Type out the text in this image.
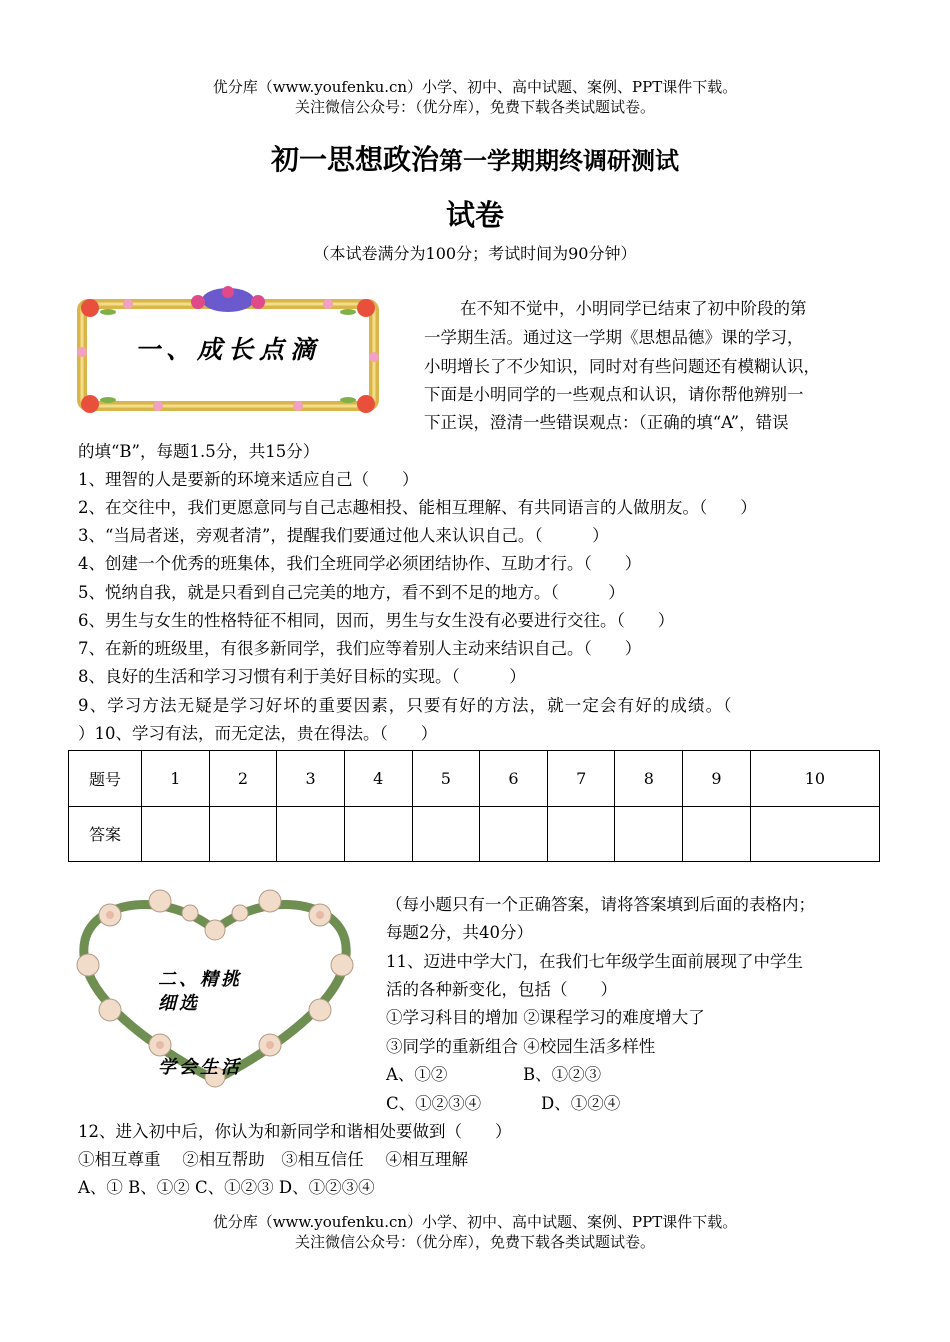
优分库（www.youfenku.cn）小学、初中、高中试题、案例、PPT课件下载。
关注微信公众号：（优分库），免费下载各类试题试卷。
初一思想政治第一学期期终调研测试
试卷
（本试卷满分为100分；考试时间为90分钟）
一、成长点滴
在不知不觉中，小明同学已结束了初中阶段的第
一学期生活。通过这一学期《思想品德》课的学习，
小明增长了不少知识，同时对有些问题还有模糊认识，
下面是小明同学的一些观点和认识，请你帮他辨别一
下正误，澄清一些错误观点：（正确的填“A”，错误
的填“B”，每题1.5分，共15分）
1、理智的人是要新的环境来适应自己（　　）
2、在交往中，我们更愿意同与自己志趣相投、能相互理解、有共同语言的人做朋友。（　　）
3、“当局者迷，旁观者清”，提醒我们要通过他人来认识自己。（　　　）
4、创建一个优秀的班集体，我们全班同学必须团结协作、互助才行。（　　）
5、悦纳自我，就是只看到自己完美的地方，看不到不足的地方。（　　　）
6、男生与女生的性格特征不相同，因而，男生与女生没有必要进行交往。（　　）
7、在新的班级里，有很多新同学，我们应等着别人主动来结识自己。（　　）
8、良好的生活和学习习惯有利于美好目标的实现。（　　　）
9、学习方法无疑是学习好坏的重要因素，只要有好的方法，就一定会有好的成绩。（
）10、学习有法，而无定法，贵在得法。（　　）
题号	1	2	3	4	5	6	7	8	9	10
答案										
二、精挑
细选
学会生活
（每小题只有一个正确答案，请将答案填到后面的表格内；
每题2分，共40分）
11、迈进中学大门，在我们七年级学生面前展现了中学生
活的各种新变化，包括（　　）
①学习科目的增加 ②课程学习的难度增大了
③同学的重新组合 ④校园生活多样性
A、①②	B、①②③
C、①②③④	D、①②④
12、进入初中后，你认为和新同学和谐相处要做到（　　）
①相互尊重　 ②相互帮助　③相互信任　 ④相互理解
A、① B、①② C、①②③ D、①②③④
优分库（www.youfenku.cn）小学、初中、高中试题、案例、PPT课件下载。
关注微信公众号：（优分库），免费下载各类试题试卷。
